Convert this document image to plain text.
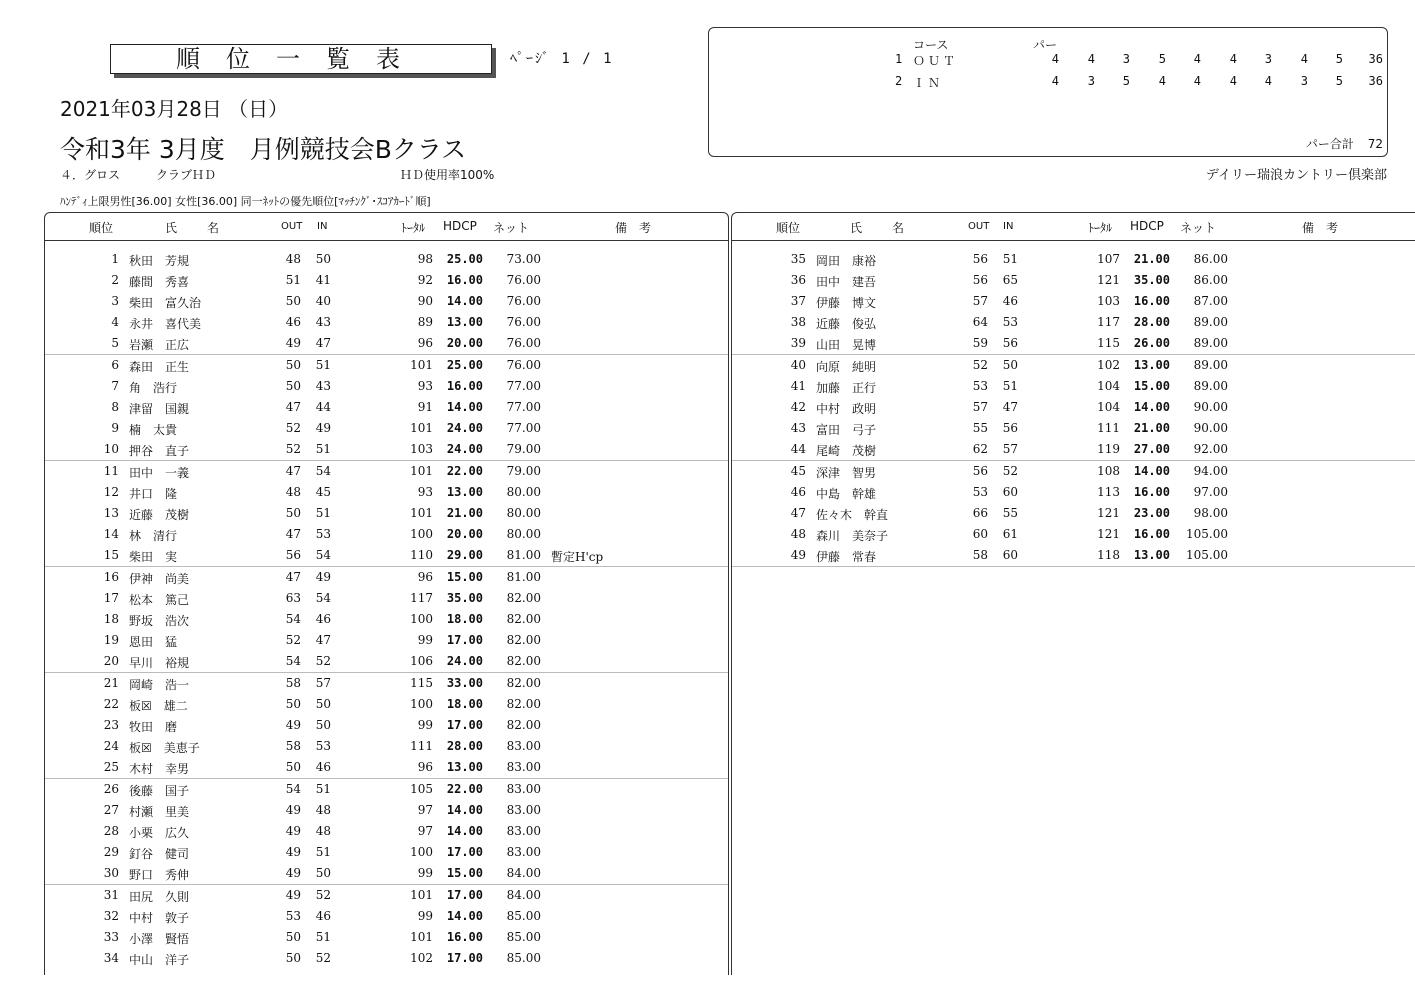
順位一覧表	ﾍﾟｰｼﾞ 1 / 1
2021年03月28日 （日）
令和3年 3月度　月例競技会Bクラス
４．グロス　　　クラブＨＤ	ＨＤ使用率100%	デイリー瑞浪カントリー倶楽部
ﾊﾝﾃﾞｨ上限男性[36.00] 女性[36.00] 同一ﾈｯﾄの優先順位[ﾏｯﾁﾝｸﾞ･ｽｺｱｶｰﾄﾞ順]
コース	パー
1 ＯＵＴ	4	4	3	5	4	4	3	4	5	36
2 ＩＮ	4	3	5	4	4	4	4	3	5	36
パー合計 72
順位	氏　　名	OUT IN	ﾄｰﾀﾙ HDCP ネット	備　考
1 秋田　芳規	48	50	98	25.00	73.00
2 藤間　秀喜	51	41	92	16.00	76.00
3 柴田　富久治	50	40	90	14.00	76.00
4 永井　喜代美	46	43	89	13.00	76.00
5 岩瀬　正広	49	47	96	20.00	76.00
6 森田　正生	50	51	101	25.00	76.00
7 角　浩行	50	43	93	16.00	77.00
8 津留　国親	47	44	91	14.00	77.00
9 楠　太貴	52	49	101	24.00	77.00
10 押谷　直子	52	51	103	24.00	79.00
11 田中　一義	47	54	101	22.00	79.00
12 井口　隆	48	45	93	13.00	80.00
13 近藤　茂樹	50	51	101	21.00	80.00
14 林　清行	47	53	100	20.00	80.00
15 柴田　実	56	54	110	29.00	81.00 暫定H'cp
16 伊神　尚美	47	49	96	15.00	81.00
17 松本　篤己	63	54	117	35.00	82.00
18 野坂　浩次	54	46	100	18.00	82.00
19 恩田　猛	52	47	99	17.00	82.00
20 早川　裕規	54	52	106	24.00	82.00
21 岡崎　浩一	58	57	115	33.00	82.00
22 板☒　雄二	50	50	100	18.00	82.00
23 牧田　磨	49	50	99	17.00	82.00
24 板☒　美恵子	58	53	111	28.00	83.00
25 木村　幸男	50	46	96	13.00	83.00
26 後藤　国子	54	51	105	22.00	83.00
27 村瀬　里美	49	48	97	14.00	83.00
28 小栗　広久	49	48	97	14.00	83.00
29 釘谷　健司	49	51	100	17.00	83.00
30 野口　秀伸	49	50	99	15.00	84.00
31 田尻　久則	49	52	101	17.00	84.00
32 中村　敦子	53	46	99	14.00	85.00
33 小澤　賢悟	50	51	101	16.00	85.00
34 中山　洋子	50	52	102	17.00	85.00
順位	氏　　名	OUT IN	ﾄｰﾀﾙ HDCP ネット	備　考
35 岡田　康裕	56	51	107	21.00	86.00
36 田中　建吾	56	65	121	35.00	86.00
37 伊藤　博文	57	46	103	16.00	87.00
38 近藤　俊弘	64	53	117	28.00	89.00
39 山田　晃博	59	56	115	26.00	89.00
40 向原　純明	52	50	102	13.00	89.00
41 加藤　正行	53	51	104	15.00	89.00
42 中村　政明	57	47	104	14.00	90.00
43 富田　弓子	55	56	111	21.00	90.00
44 尾崎　茂樹	62	57	119	27.00	92.00
45 深津　智男	56	52	108	14.00	94.00
46 中島　幹雄	53	60	113	16.00	97.00
47 佐々木　幹直	66	55	121	23.00	98.00
48 森川　美奈子	60	61	121	16.00	105.00
49 伊藤　常春	58	60	118	13.00	105.00
